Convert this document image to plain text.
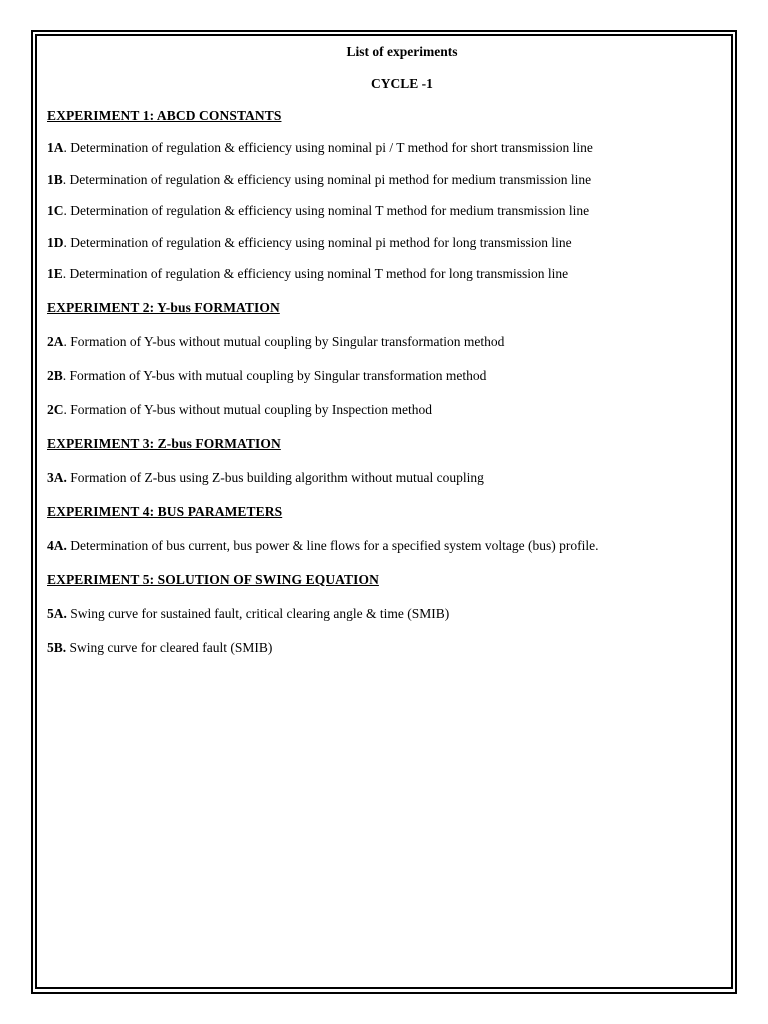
List of experiments

CYCLE -1

EXPERIMENT 1: ABCD CONSTANTS

1A. Determination of regulation & efficiency using nominal pi / T method for short transmission line

1B. Determination of regulation & efficiency using nominal pi method for medium transmission line

1C. Determination of regulation & efficiency using nominal T method for medium transmission line

1D. Determination of regulation & efficiency using nominal pi method for long transmission line

1E. Determination of regulation & efficiency using nominal T method for long transmission line

EXPERIMENT 2: Y-bus FORMATION

2A. Formation of Y-bus without mutual coupling by Singular transformation method

2B. Formation of Y-bus with mutual coupling by Singular transformation method

2C. Formation of Y-bus without mutual coupling by Inspection method

EXPERIMENT 3: Z-bus FORMATION

3A. Formation of Z-bus using Z-bus building algorithm without mutual coupling

EXPERIMENT 4: BUS PARAMETERS

4A. Determination of bus current, bus power & line flows for a specified system voltage (bus) profile.

EXPERIMENT 5: SOLUTION OF SWING EQUATION

5A. Swing curve for sustained fault, critical clearing angle & time (SMIB)

5B. Swing curve for cleared fault (SMIB)
